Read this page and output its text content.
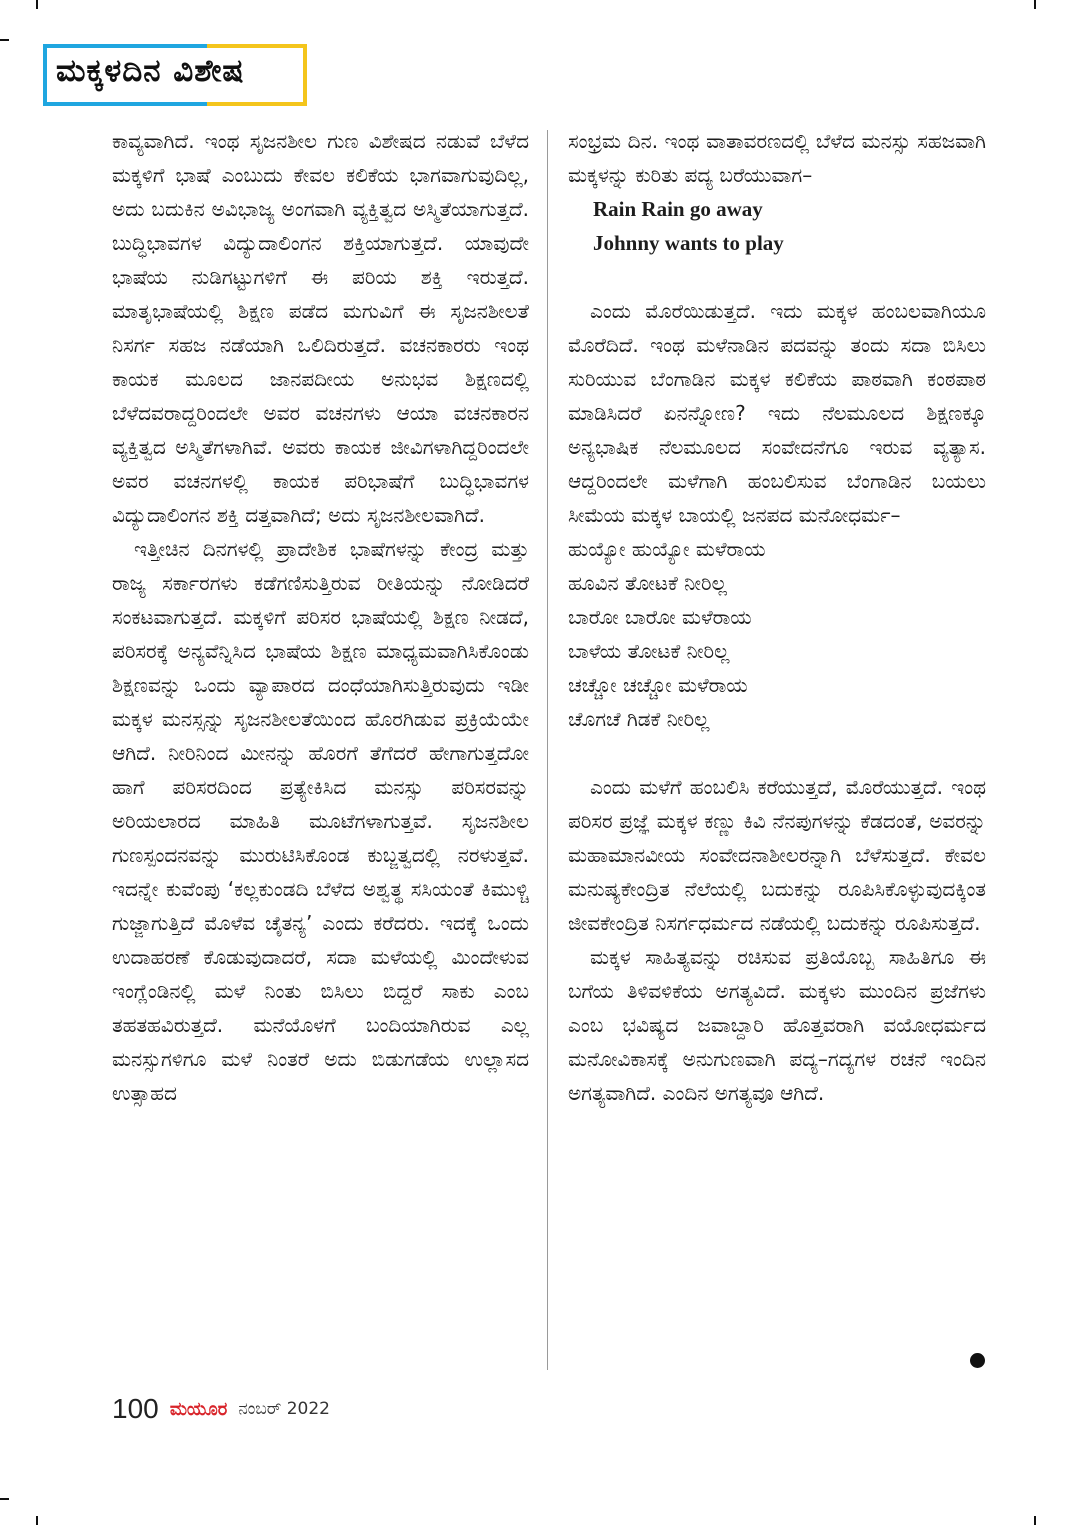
ಮಕ್ಕಳದಿನ ವಿಶೇಷ

ಕಾವ್ಯವಾಗಿದೆ. ಇಂಥ ಸೃಜನಶೀಲ ಗುಣ ವಿಶೇಷದ ನಡುವೆ ಬೆಳೆದ ಮಕ್ಕಳಿಗೆ ಭಾಷೆ ಎಂಬುದು ಕೇವಲ ಕಲಿಕೆಯ ಭಾಗವಾಗುವುದಿಲ್ಲ, ಅದು ಬದುಕಿನ ಅವಿಭಾಜ್ಯ ಅಂಗವಾಗಿ ವ್ಯಕ್ತಿತ್ವದ ಅಸ್ಮಿತೆಯಾಗುತ್ತದೆ. ಬುದ್ಧಿಭಾವಗಳ ವಿದ್ಯುದಾಲಿಂಗನ ಶಕ್ತಿಯಾಗುತ್ತದೆ. ಯಾವುದೇ ಭಾಷೆಯ ನುಡಿಗಟ್ಟುಗಳಿಗೆ ಈ ಪರಿಯ ಶಕ್ತಿ ಇರುತ್ತದೆ. ಮಾತೃಭಾಷೆಯಲ್ಲಿ ಶಿಕ್ಷಣ ಪಡೆದ ಮಗುವಿಗೆ ಈ ಸೃಜನಶೀಲತೆ ನಿಸರ್ಗ ಸಹಜ ನಡೆಯಾಗಿ ಒಲಿದಿರುತ್ತದೆ. ವಚನಕಾರರು ಇಂಥ ಕಾಯಕ ಮೂಲದ ಜಾನಪದೀಯ ಅನುಭವ ಶಿಕ್ಷಣದಲ್ಲಿ ಬೆಳೆದವರಾದ್ದರಿಂದಲೇ ಅವರ ವಚನಗಳು ಆಯಾ ವಚನಕಾರನ ವ್ಯಕ್ತಿತ್ವದ ಅಸ್ಮಿತೆಗಳಾಗಿವೆ. ಅವರು ಕಾಯಕ ಜೀವಿಗಳಾಗಿದ್ದರಿಂದಲೇ ಅವರ ವಚನಗಳಲ್ಲಿ ಕಾಯಕ ಪರಿಭಾಷೆಗೆ ಬುದ್ಧಿಭಾವಗಳ ವಿದ್ಯುದಾಲಿಂಗನ ಶಕ್ತಿ ದತ್ತವಾಗಿದೆ; ಅದು ಸೃಜನಶೀಲವಾಗಿದೆ.

ಇತ್ತೀಚಿನ ದಿನಗಳಲ್ಲಿ ಪ್ರಾದೇಶಿಕ ಭಾಷೆಗಳನ್ನು ಕೇಂದ್ರ ಮತ್ತು ರಾಜ್ಯ ಸರ್ಕಾರಗಳು ಕಡೆಗಣಿಸುತ್ತಿರುವ ರೀತಿಯನ್ನು ನೋಡಿದರೆ ಸಂಕಟವಾಗುತ್ತದೆ. ಮಕ್ಕಳಿಗೆ ಪರಿಸರ ಭಾಷೆಯಲ್ಲಿ ಶಿಕ್ಷಣ ನೀಡದೆ, ಪರಿಸರಕ್ಕೆ ಅನ್ಯವೆನ್ನಿಸಿದ ಭಾಷೆಯ ಶಿಕ್ಷಣ ಮಾಧ್ಯಮವಾಗಿಸಿಕೊಂಡು ಶಿಕ್ಷಣವನ್ನು ಒಂದು ವ್ಯಾಪಾರದ ದಂಧೆಯಾಗಿಸುತ್ತಿರುವುದು ಇಡೀ ಮಕ್ಕಳ ಮನಸ್ಸನ್ನು ಸೃಜನಶೀಲತೆಯಿಂದ ಹೊರಗಿಡುವ ಪ್ರಕ್ರಿಯೆಯೇ ಆಗಿದೆ. ನೀರಿನಿಂದ ಮೀನನ್ನು ಹೊರಗೆ ತೆಗೆದರೆ ಹೇಗಾಗುತ್ತದೋ ಹಾಗೆ ಪರಿಸರದಿಂದ ಪ್ರತ್ಯೇಕಿಸಿದ ಮನಸ್ಸು ಪರಿಸರವನ್ನು ಅರಿಯಲಾರದ ಮಾಹಿತಿ ಮೂಟೆಗಳಾಗುತ್ತವೆ. ಸೃಜನಶೀಲ ಗುಣಸ್ಪಂದನವನ್ನು ಮುರುಟಿಸಿಕೊಂಡ ಕುಬ್ಜತ್ವದಲ್ಲಿ ನರಳುತ್ತವೆ. ಇದನ್ನೇ ಕುವೆಂಪು ‘ಕಲ್ಲಕುಂಡದಿ ಬೆಳೆದ ಅಶ್ವತ್ಥ ಸಸಿಯಂತೆ ಕಿಮುಳ್ಚಿ ಗುಜ್ಜಾಗುತ್ತಿದೆ ಮೊಳೆವ ಚೈತನ್ಯ’ ಎಂದು ಕರೆದರು. ಇದಕ್ಕೆ ಒಂದು ಉದಾಹರಣೆ ಕೊಡುವುದಾದರೆ, ಸದಾ ಮಳೆಯಲ್ಲಿ ಮಿಂದೇಳುವ ಇಂಗ್ಲೆಂಡಿನಲ್ಲಿ ಮಳೆ ನಿಂತು ಬಿಸಿಲು ಬಿದ್ದರೆ ಸಾಕು ಎಂಬ ತಹತಹವಿರುತ್ತದೆ. ಮನೆಯೊಳಗೆ ಬಂದಿಯಾಗಿರುವ ಎಲ್ಲ ಮನಸ್ಸುಗಳಿಗೂ ಮಳೆ ನಿಂತರೆ ಅದು ಬಿಡುಗಡೆಯ ಉಲ್ಲಾಸದ ಉತ್ಸಾಹದ

ಸಂಭ್ರಮ ದಿನ. ಇಂಥ ವಾತಾವರಣದಲ್ಲಿ ಬೆಳೆದ ಮನಸ್ಸು ಸಹಜವಾಗಿ ಮಕ್ಕಳನ್ನು ಕುರಿತು ಪದ್ಯ ಬರೆಯುವಾಗ–

Rain Rain go away
Johnny wants to play

ಎಂದು ಮೊರೆಯಿಡುತ್ತದೆ. ಇದು ಮಕ್ಕಳ ಹಂಬಲವಾಗಿಯೂ ಮೊರೆದಿದೆ. ಇಂಥ ಮಳೆನಾಡಿನ ಪದವನ್ನು ತಂದು ಸದಾ ಬಿಸಿಲು ಸುರಿಯುವ ಬೆಂಗಾಡಿನ ಮಕ್ಕಳ ಕಲಿಕೆಯ ಪಾಠವಾಗಿ ಕಂಠಪಾಠ ಮಾಡಿಸಿದರೆ ಏನನ್ನೋಣ? ಇದು ನೆಲಮೂಲದ ಶಿಕ್ಷಣಕ್ಕೂ ಅನ್ಯಭಾಷಿಕ ನೆಲಮೂಲದ ಸಂವೇದನೆಗೂ ಇರುವ ವ್ಯತ್ಯಾಸ. ಆದ್ದರಿಂದಲೇ ಮಳೆಗಾಗಿ ಹಂಬಲಿಸುವ ಬೆಂಗಾಡಿನ ಬಯಲು ಸೀಮೆಯ ಮಕ್ಕಳ ಬಾಯಲ್ಲಿ ಜನಪದ ಮನೋಧರ್ಮ–

ಹುಯ್ಯೋ ಹುಯ್ಯೋ ಮಳೆರಾಯ

ಹೂವಿನ ತೋಟಕೆ ನೀರಿಲ್ಲ

ಬಾರೋ ಬಾರೋ ಮಳೆರಾಯ

ಬಾಳೆಯ ತೋಟಕೆ ನೀರಿಲ್ಲ

ಚಚ್ಚೋ ಚಚ್ಚೋ ಮಳೆರಾಯ

ಚೊಗಚೆ ಗಿಡಕೆ ನೀರಿಲ್ಲ

ಎಂದು ಮಳೆಗೆ ಹಂಬಲಿಸಿ ಕರೆಯುತ್ತದೆ, ಮೊರೆಯುತ್ತದೆ. ಇಂಥ ಪರಿಸರ ಪ್ರಜ್ಞೆ ಮಕ್ಕಳ ಕಣ್ಣು ಕಿವಿ ನೆನಪುಗಳನ್ನು ಕೆಡದಂತೆ, ಅವರನ್ನು ಮಹಾಮಾನವೀಯ ಸಂವೇದನಾಶೀಲರನ್ನಾಗಿ ಬೆಳೆಸುತ್ತದೆ. ಕೇವಲ ಮನುಷ್ಯಕೇಂದ್ರಿತ ನೆಲೆಯಲ್ಲಿ ಬದುಕನ್ನು ರೂಪಿಸಿಕೊಳ್ಳುವುದಕ್ಕಿಂತ ಜೀವಕೇಂದ್ರಿತ ನಿಸರ್ಗಧರ್ಮದ ನಡೆಯಲ್ಲಿ ಬದುಕನ್ನು ರೂಪಿಸುತ್ತದೆ.

ಮಕ್ಕಳ ಸಾಹಿತ್ಯವನ್ನು ರಚಿಸುವ ಪ್ರತಿಯೊಬ್ಬ ಸಾಹಿತಿಗೂ ಈ ಬಗೆಯ ತಿಳಿವಳಿಕೆಯ ಅಗತ್ಯವಿದೆ. ಮಕ್ಕಳು ಮುಂದಿನ ಪ್ರಜೆಗಳು ಎಂಬ ಭವಿಷ್ಯದ ಜವಾಬ್ದಾರಿ ಹೊತ್ತವರಾಗಿ ವಯೋಧರ್ಮದ ಮನೋವಿಕಾಸಕ್ಕೆ ಅನುಗುಣವಾಗಿ ಪದ್ಯ–ಗದ್ಯಗಳ ರಚನೆ ಇಂದಿನ ಅಗತ್ಯವಾಗಿದೆ. ಎಂದಿನ ಅಗತ್ಯವೂ ಆಗಿದೆ.

100 ಮಯೂರ ನಂಬರ್ 2022
